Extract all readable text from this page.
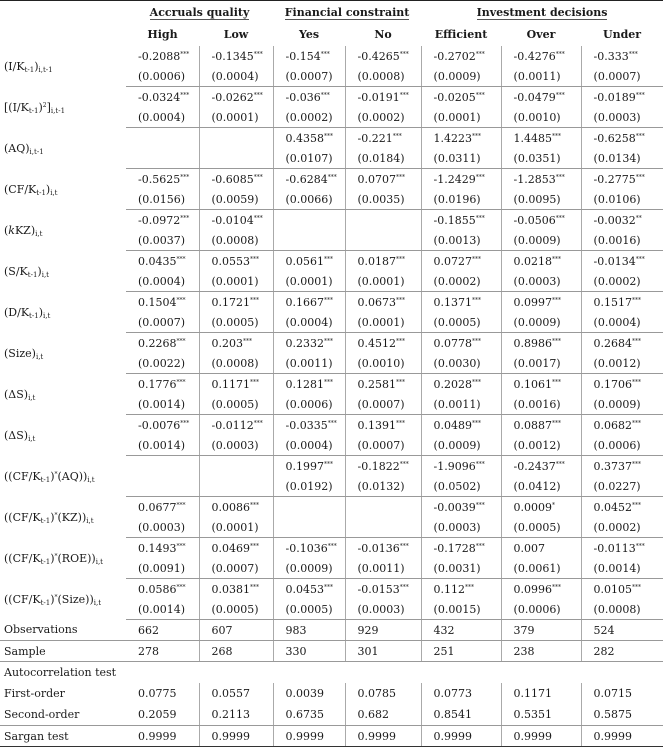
	Accruals quality		Financial constraint		Investment decisions		
	High	Low	Yes	No	Efficient	Over	Under
$(I/K_{t-1})_{i,t-1}$	-0.2088***	-0.1345***	-0.154***	-0.4265***	-0.2702***	-0.4276***	-0.333***
	(0.0006)	(0.0004)	(0.0007)	(0.0008)	(0.0009)	(0.0011)	(0.0007)
$[(I/K_{t-1})^2]_{i,t-1}$	-0.0324***	-0.0262***	-0.036***	-0.0191***	-0.0205***	-0.0479***	-0.0189***
	(0.0004)	(0.0001)	(0.0002)	(0.0002)	(0.0001)	(0.0010)	(0.0003)
$(AQ)_{i,t-1}$			0.4358***	-0.221***	1.4223***	1.4485***	-0.6258***
			(0.0107)	(0.0184)	(0.0311)	(0.0351)	(0.0134)
$(CF/K_{t-1})_{i,t}$	-0.5625***	-0.6085***	-0.6284***	0.0707***	-1.2429***	-1.2853***	-0.2775***
	(0.0156)	(0.0059)	(0.0066)	(0.0035)	(0.0196)	(0.0095)	(0.0106)
$(kKZ)_{i,t}$	-0.0972***	-0.0104***			-0.1855***	-0.0506***	-0.0032**
	(0.0037)	(0.0008)			(0.0013)	(0.0009)	(0.0016)
$(S/K_{t-1})_{i,t}$	0.0435***	0.0553***	0.0561***	0.0187***	0.0727***	0.0218***	-0.0134***
	(0.0004)	(0.0001)	(0.0001)	(0.0001)	(0.0002)	(0.0003)	(0.0002)
$(D/K_{t-1})_{i,t}$	0.1504***	0.1721***	0.1667***	0.0673***	0.1371***	0.0997***	0.1517***
	(0.0007)	(0.0005)	(0.0004)	(0.0001)	(0.0005)	(0.0009)	(0.0004)
$(Size)_{i,t}$	0.2268***	0.203***	0.2332***	0.4512***	0.0778***	0.8986***	0.2684***
	(0.0022)	(0.0008)	(0.0011)	(0.0010)	(0.0030)	(0.0017)	(0.0012)
$(\Delta S)_{i,t}$	0.1776***	0.1171***	0.1281***	0.2581***	0.2028***	0.1061***	0.1706***
	(0.0014)	(0.0005)	(0.0006)	(0.0007)	(0.0011)	(0.0016)	(0.0009)
$(\Delta S)_{i,t}$	-0.0076***	-0.0112***	-0.0335***	0.1391***	0.0489***	0.0887***	0.0682***
	(0.0014)	(0.0003)	(0.0004)	(0.0007)	(0.0009)	(0.0012)	(0.0006)
$((CF/K_{t-1})^*(AQ))_{i,t}$			0.1997***	-0.1822***	-1.9096***	-0.2437***	0.3737***
			(0.0192)	(0.0132)	(0.0502)	(0.0412)	(0.0227)
$((CF/K_{t-1})^*(KZ))_{i,t}$	0.0677***	0.0086***			-0.0039***	0.0009*	0.0452***
	(0.0003)	(0.0001)			(0.0003)	(0.0005)	(0.0002)
$((CF/K_{t-1})^*(ROE))_{i,t}$	0.1493***	0.0469***	-0.1036***	-0.0136***	-0.1728***	0.007	-0.0113***
	(0.0091)	(0.0007)	(0.0009)	(0.0011)	(0.0031)	(0.0061)	(0.0014)
$((CF/K_{t-1})^*(Size))_{i,t}$	0.0586***	0.0381***	0.0453***	-0.0153***	0.112***	0.0996***	0.0105***
	(0.0014)	(0.0005)	(0.0005)	(0.0003)	(0.0015)	(0.0006)	(0.0008)
Observations	662	607	983	929	432	379	524
Sample	278	268	330	301	251	238	282
Autocorrelation test							
First-order	0.0775	0.0557	0.0039	0.0785	0.0773	0.1171	0.0715
Second-order	0.2059	0.2113	0.6735	0.682	0.8541	0.5351	0.5875
Sargan test	0.9999	0.9999	0.9999	0.9999	0.9999	0.9999	0.9999
